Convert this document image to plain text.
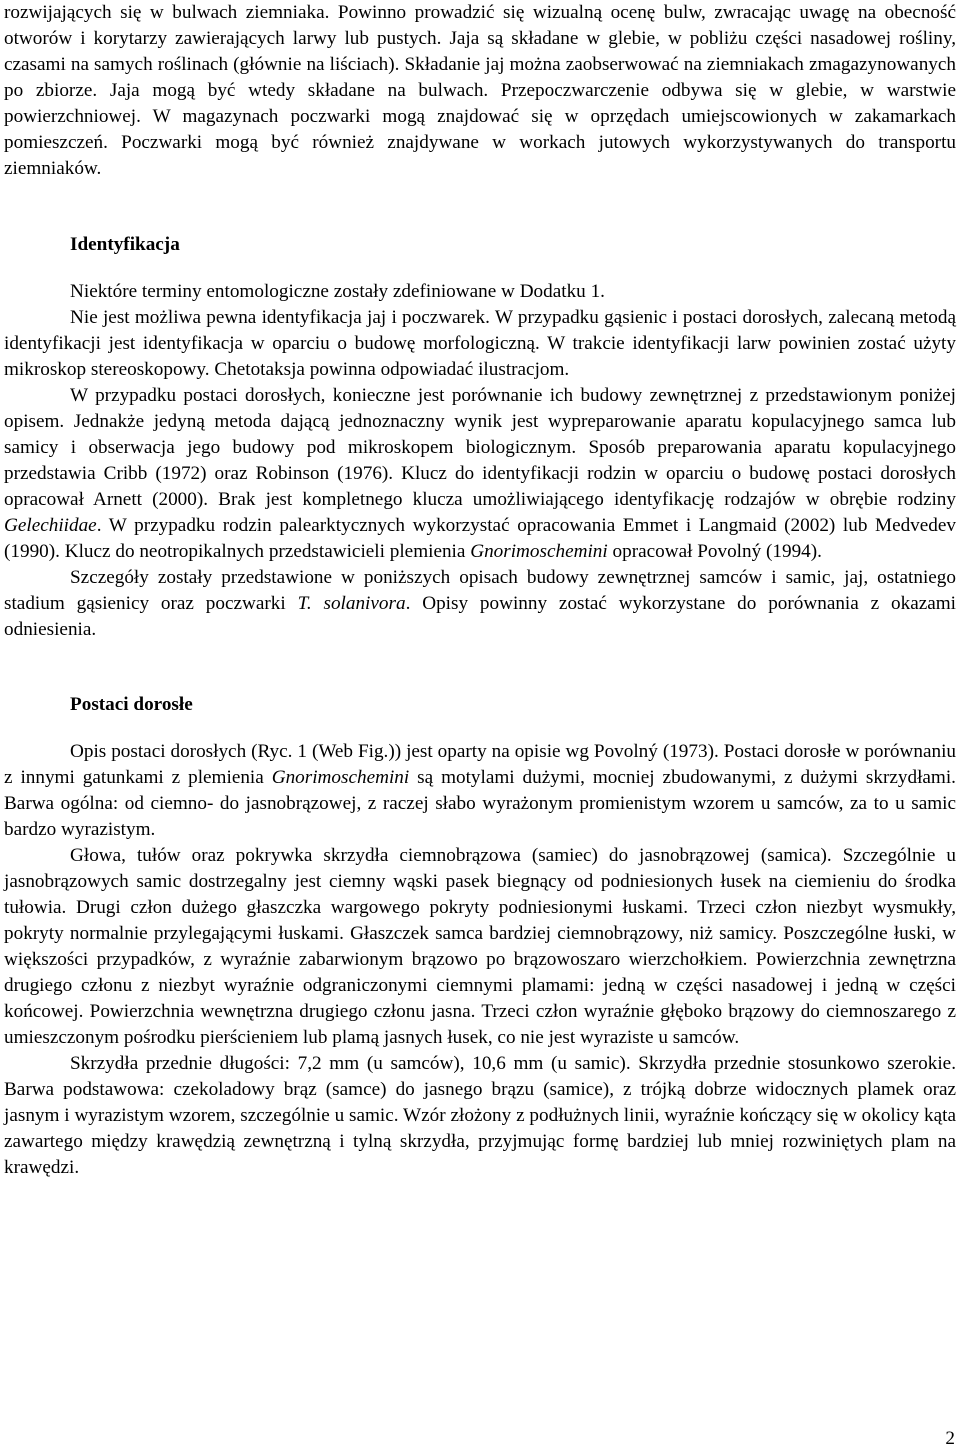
rozwijających się w bulwach ziemniaka. Powinno prowadzić się wizualną ocenę bulw, zwracając uwagę na obecność otworów i korytarzy zawierających larwy lub pustych. Jaja są składane w glebie, w pobliżu części nasadowej rośliny, czasami na samych roślinach (głównie na liściach). Składanie jaj można zaobserwować na ziemniakach zmagazynowanych po zbiorze. Jaja mogą być wtedy składane na bulwach. Przepoczwarczenie odbywa się w glebie, w warstwie powierzchniowej. W magazynach poczwarki mogą znajdować się w oprzędach umiejscowionych w zakamarkach pomieszczeń. Poczwarki mogą być również znajdywane w workach jutowych wykorzystywanych do transportu ziemniaków.

Identyfikacja

Niektóre terminy entomologiczne zostały zdefiniowane w Dodatku 1.

Nie jest możliwa pewna identyfikacja jaj i poczwarek. W przypadku gąsienic i postaci dorosłych, zalecaną metodą identyfikacji jest identyfikacja w oparciu o budowę morfologiczną. W trakcie identyfikacji larw powinien zostać użyty mikroskop stereoskopowy. Chetotaksja powinna odpowiadać ilustracjom.

W przypadku postaci dorosłych, konieczne jest porównanie ich budowy zewnętrznej z przedstawionym poniżej opisem. Jednakże jedyną metoda dającą jednoznaczny wynik jest wypreparowanie aparatu kopulacyjnego samca lub samicy i obserwacja jego budowy pod mikroskopem biologicznym. Sposób preparowania aparatu kopulacyjnego przedstawia Cribb (1972) oraz Robinson (1976). Klucz do identyfikacji rodzin w oparciu o budowę postaci dorosłych opracował Arnett (2000). Brak jest kompletnego klucza umożliwiającego identyfikację rodzajów w obrębie rodziny Gelechiidae. W przypadku rodzin palearktycznych wykorzystać opracowania Emmet i Langmaid (2002) lub Medvedev (1990). Klucz do neotropikalnych przedstawicieli plemienia Gnorimoschemini opracował Povolný (1994).

Szczegóły zostały przedstawione w poniższych opisach budowy zewnętrznej samców i samic, jaj, ostatniego stadium gąsienicy oraz poczwarki T. solanivora. Opisy powinny zostać wykorzystane do porównania z okazami odniesienia.

Postaci dorosłe

Opis postaci dorosłych (Ryc. 1 (Web Fig.)) jest oparty na opisie wg Povolný (1973). Postaci dorosłe w porównaniu z innymi gatunkami z plemienia Gnorimoschemini są motylami dużymi, mocniej zbudowanymi, z dużymi skrzydłami. Barwa ogólna: od ciemno- do jasnobrązowej, z raczej słabo wyrażonym promienistym wzorem u samców, za to u samic bardzo wyrazistym.

Głowa, tułów oraz pokrywka skrzydła ciemnobrązowa (samiec) do jasnobrązowej (samica). Szczególnie u jasnobrązowych samic dostrzegalny jest ciemny wąski pasek biegnący od podniesionych łusek na ciemieniu do środka tułowia. Drugi człon dużego głaszczka wargowego pokryty podniesionymi łuskami. Trzeci człon niezbyt wysmukły, pokryty normalnie przylegającymi łuskami. Głaszczek samca bardziej ciemnobrązowy, niż samicy. Poszczególne łuski, w większości przypadków, z wyraźnie zabarwionym brązowo po brązowoszaro wierzchołkiem. Powierzchnia zewnętrzna drugiego członu z niezbyt wyraźnie odgraniczonymi ciemnymi plamami: jedną w części nasadowej i jedną w części końcowej. Powierzchnia wewnętrzna drugiego członu jasna. Trzeci człon wyraźnie głęboko brązowy do ciemnoszarego z umieszczonym pośrodku pierścieniem lub plamą jasnych łusek, co nie jest wyraziste u samców.

Skrzydła przednie długości: 7,2 mm (u samców), 10,6 mm (u samic). Skrzydła przednie stosunkowo szerokie. Barwa podstawowa: czekoladowy brąz (samce) do jasnego brązu (samice), z trójką dobrze widocznych plamek oraz jasnym i wyrazistym wzorem, szczególnie u samic. Wzór złożony z podłużnych linii, wyraźnie kończący się w okolicy kąta zawartego między krawędzią zewnętrzną i tylną skrzydła, przyjmując formę bardziej lub mniej rozwiniętych plam na krawędzi.

2
